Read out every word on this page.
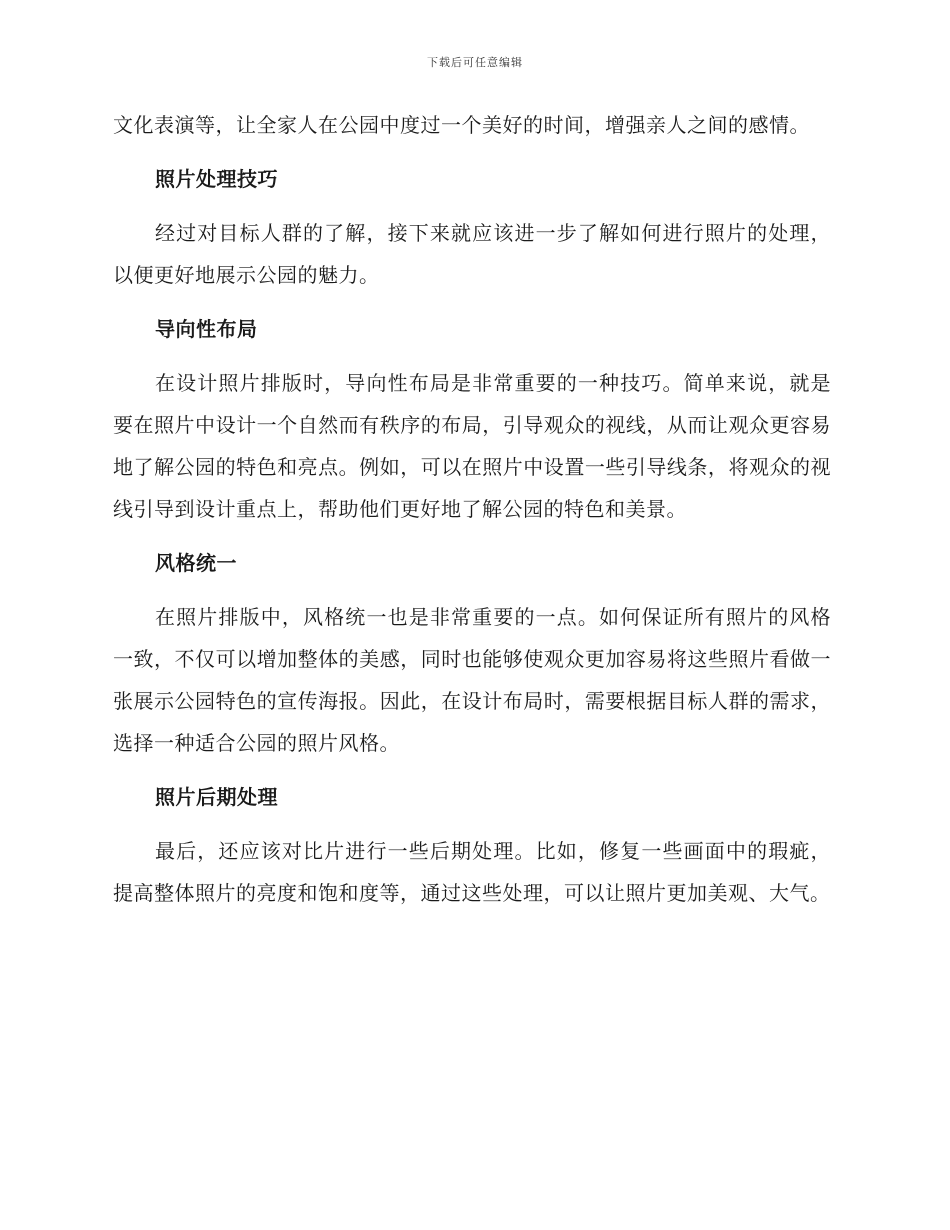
下载后可任意编辑

文化表演等，让全家人在公园中度过一个美好的时间，增强亲人之间的感情。

照片处理技巧

经过对目标人群的了解，接下来就应该进一步了解如何进行照片的处理，以便更好地展示公园的魅力。

导向性布局

在设计照片排版时，导向性布局是非常重要的一种技巧。简单来说，就是要在照片中设计一个自然而有秩序的布局，引导观众的视线，从而让观众更容易地了解公园的特色和亮点。例如，可以在照片中设置一些引导线条，将观众的视线引导到设计重点上，帮助他们更好地了解公园的特色和美景。

风格统一

在照片排版中，风格统一也是非常重要的一点。如何保证所有照片的风格一致，不仅可以增加整体的美感，同时也能够使观众更加容易将这些照片看做一张展示公园特色的宣传海报。因此，在设计布局时，需要根据目标人群的需求，选择一种适合公园的照片风格。

照片后期处理

最后，还应该对比片进行一些后期处理。比如，修复一些画面中的瑕疵，提高整体照片的亮度和饱和度等，通过这些处理，可以让照片更加美观、大气。
